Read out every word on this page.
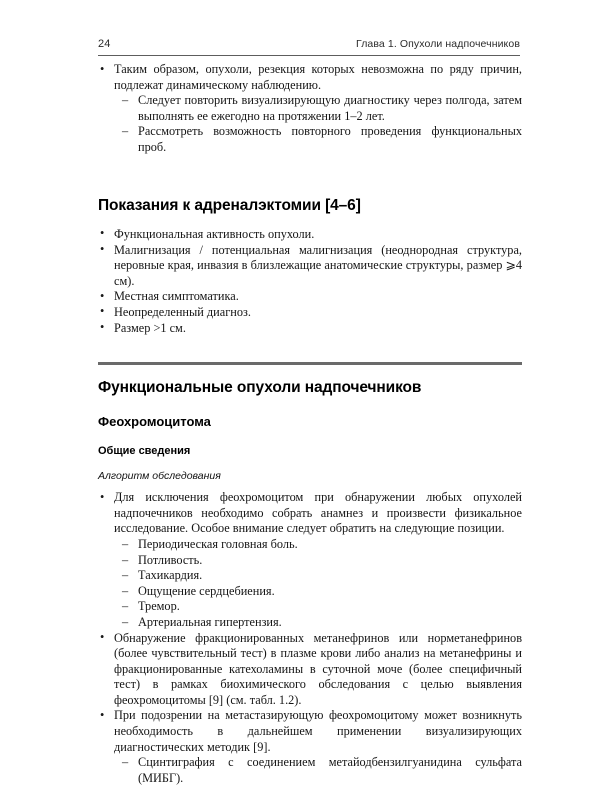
24	Глава 1. Опухоли надпочечников
• Таким образом, опухоли, резекция которых невозможна по ряду причин, подлежат динамическому наблюдению.
– Следует повторить визуализирующую диагностику через полгода, затем выполнять ее ежегодно на протяжении 1–2 лет.
– Рассмотреть возможность повторного проведения функциональных проб.
Показания к адреналэктомии [4–6]
• Функциональная активность опухоли.
• Малигнизация / потенциальная малигнизация (неоднородная структура, неровные края, инвазия в близлежащие анатомические структуры, размер ⩾4 см).
• Местная симптоматика.
• Неопределенный диагноз.
• Размер >1 см.
Функциональные опухоли надпочечников
Феохромоцитома
Общие сведения

Алгоритм обследования

• Для исключения феохромоцитом при обнаружении любых опухолей надпочечников необходимо собрать анамнез и произвести физикальное исследование. Особое внимание следует обратить на следующие позиции.
– Периодическая головная боль.
– Потливость.
– Тахикардия.
– Ощущение сердцебиения.
– Тремор.
– Артериальная гипертензия.
• Обнаружение фракционированных метанефринов или норметанефринов (более чувствительный тест) в плазме крови либо анализ на метанефрины и фракционированные катехоламины в суточной моче (более специфичный тест) в рамках биохимического обследования с целью выявления феохромоцитомы [9] (см. табл. 1.2).
• При подозрении на метастазирующую феохромоцитому может возникнуть необходимость в дальнейшем применении визуализирующих диагностических методик [9].
– Сцинтиграфия с соединением метайодбензилгуанидина сульфата (МИБГ).
